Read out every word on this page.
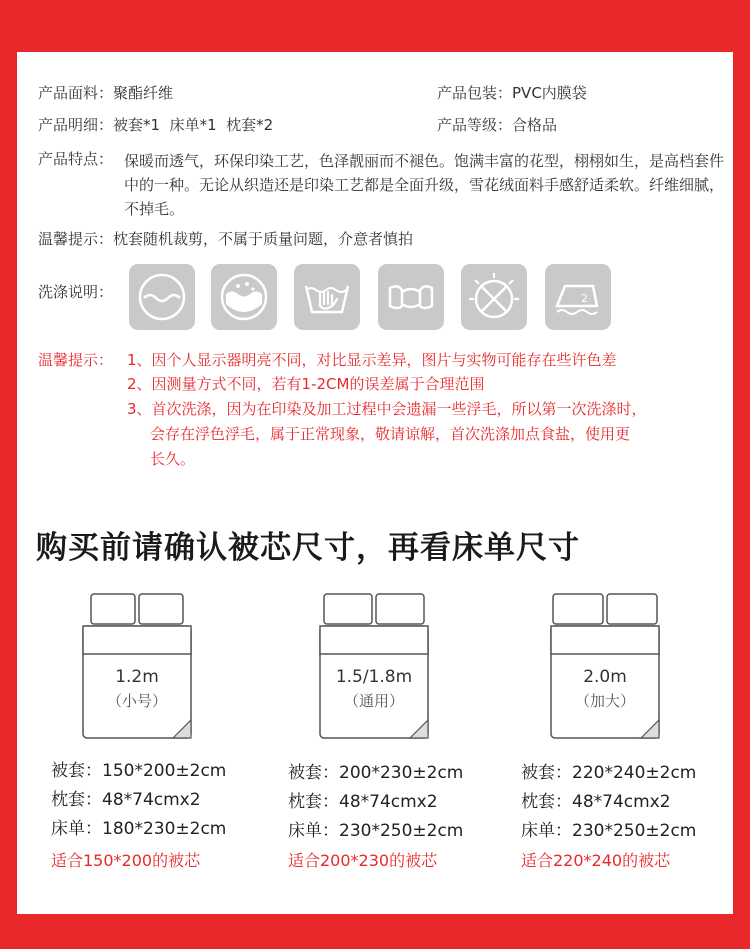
产品面料：聚酯纤维	产品包装：PVC内膜袋
产品明细：被套*1  床单*1  枕套*2	产品等级：合格品
产品特点： 保暖而透气，环保印染工艺，色泽靓丽而不褪色。饱满丰富的花型，栩栩如生，是高档套件中的一种。无论从织造还是印染工艺都是全面升级，雪花绒面料手感舒适柔软。纤维细腻，不掉毛。
温馨提示：枕套随机裁剪，不属于质量问题，介意者慎拍
洗涤说明：	2
温馨提示： 1、因个人显示器明亮不同，对比显示差异，图片与实物可能存在些许色差
2、因测量方式不同，若有1-2CM的误差属于合理范围
3、首次洗涤，因为在印染及加工过程中会遗漏一些浮毛，所以第一次洗涤时，
会存在浮色浮毛，属于正常现象，敬请谅解，首次洗涤加点食盐，使用更
长久。
购买前请确认被芯尺寸，再看床单尺寸
1.2m
（小号）
1.5/1.8m
（通用）
2.0m
（加大）
被套：150*200±2cm
枕套：48*74cmx2
床单：180*230±2cm
适合150*200的被芯
被套：200*230±2cm
枕套：48*74cmx2
床单：230*250±2cm
适合200*230的被芯
被套：220*240±2cm
枕套：48*74cmx2
床单：230*250±2cm
适合220*240的被芯
